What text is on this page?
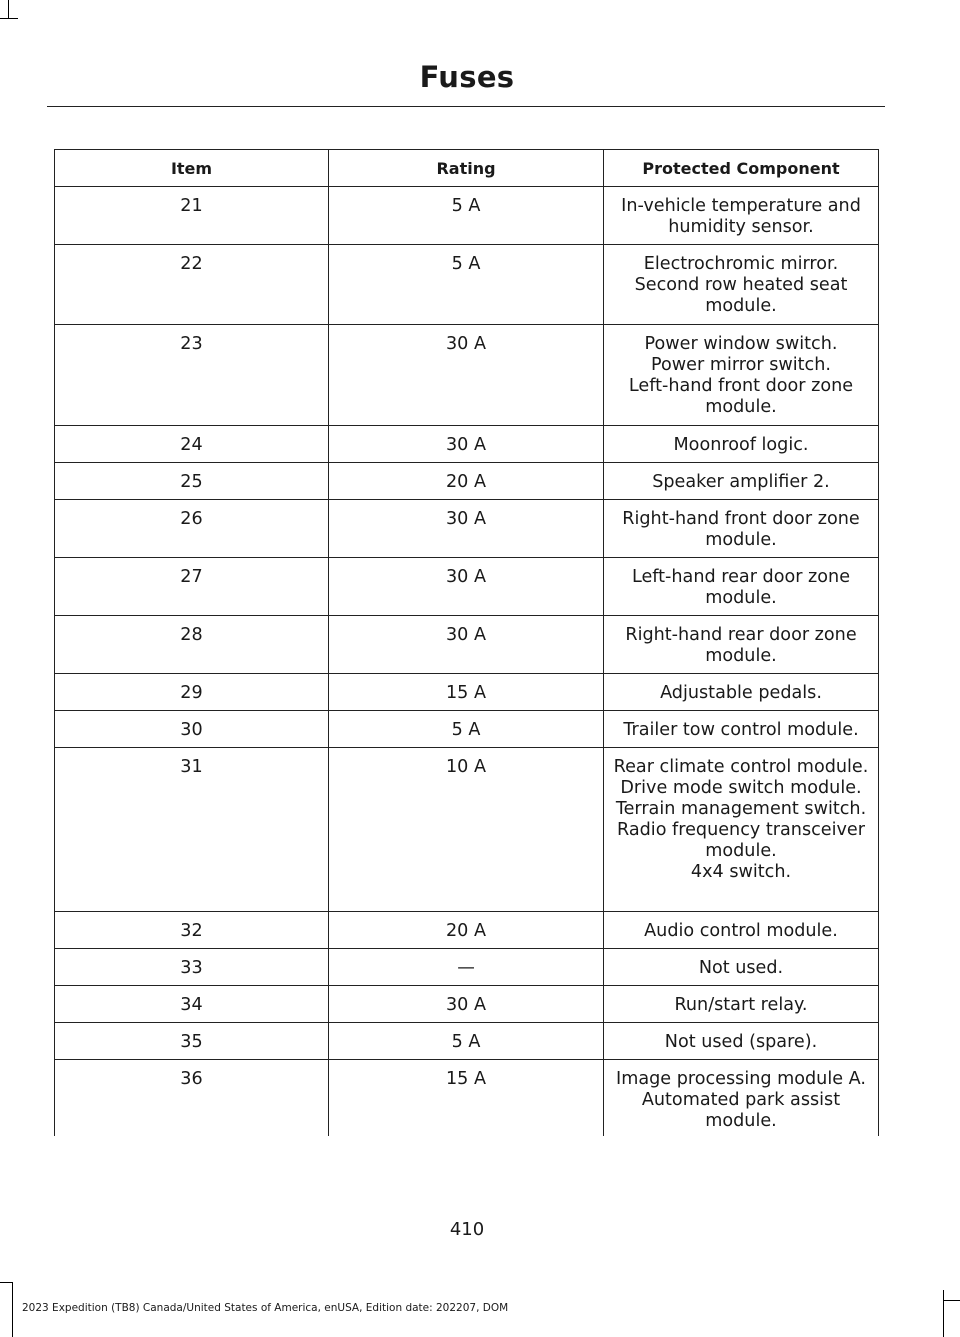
Fuses
Item	Rating	Protected Component
21	5 A	In-vehicle temperature and humidity sensor.

22	5 A	Electrochromic mirror.
Second row heated seat module.

23	30 A	Power window switch.
Power mirror switch.
Left-hand front door zone module.

24	30 A	Moonroof logic.

25	20 A	Speaker amplifier 2.

26	30 A	Right-hand front door zone module.

27	30 A	Left-hand rear door zone module.

28	30 A	Right-hand rear door zone module.

29	15 A	Adjustable pedals.

30	5 A	Trailer tow control module.

31	10 A	Rear climate control module.
Drive mode switch module.
Terrain management switch.
Radio frequency transceiver module.
4x4 switch.

32	20 A	Audio control module.

33	—	Not used.

34	30 A	Run/start relay.

35	5 A	Not used (spare).

36	15 A	Image processing module A.
Automated park assist module.
410
2023 Expedition (TB8) Canada/United States of America, enUSA, Edition date: 202207, DOM
